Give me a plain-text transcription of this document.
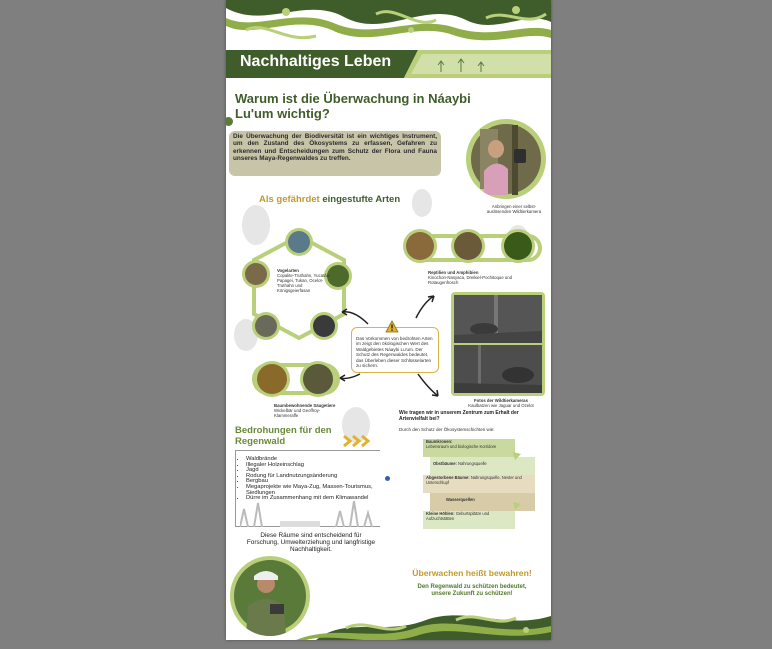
Nachhaltiges Leben
Warum ist die Überwachung in Náaybi Lu'um wichtig?
Die Überwachung der Biodiversität ist ein wichtiges Instrument, um den Zustand des Ökosystems zu erfassen, Gefahren zu erkennen und Entscheidungen zum Schutz der Flora und Fauna unseres Maya-Regenwaldes zu treffen.
Anbringen einer selbst-auslösenden Wildtierkamera
Als gefährdet eingestufte Arten
Vogelarten
Copalite-Truthahn, Yucatán-Papagei, Tukan, Ocelot-Truthahn und Königsgeierfasan
Reptilien und Amphibien
Kinochon-Nasyaca, Dreikiel-Pochitoque und Rotaugenfrosch
Baumbewohnende Säugetiere
Wickelbär und Geoffroy-Klammeraffe
Das Vorkommen von bedrohten Arten im zeigt den ökologischen Wert des Waldgebietes Náaybi Lu'um. Der Schutz des Regenwaldes bedeutet, das Überleben dieser Schlüsselarten zu sichern.
Fotos der Wildtierkameras
Kaulbatzen wie Jaguar und Ozelot
Bedrohungen für den Regenwald
• Waldbrände
• Illegaler Holzeinschlag
• Jagd
• Rodung für Landnutzungsänderung
• Bergbau
• Megaprojekte wie Maya-Zug, Massen-Tourismus, Siedlungen
• Dürre im Zusammenhang mit dem Klimawandel
Wie tragen wir in unserem Zentrum zum Erhalt der Artenvielfalt bei?
Durch den Schutz der Ökosystemschichten wie:
Baumkronen:
Lebensraum und biologische Korridore
Obstbäume: Nahrungsquelle
Abgestorbene Bäume: Nahrungsquelle, Nester und Unterschlupf
Wasserquellen
Kleine Höhlen: Geburtsplätze und Aufzuchtstätten
Diese Räume sind entscheidend für Forschung, Umwelterziehung und langfristige Nachhaltigkeit.
Überwachen heißt bewahren!
Den Regenwald zu schützen bedeutet, unsere Zukunft zu schützen!
